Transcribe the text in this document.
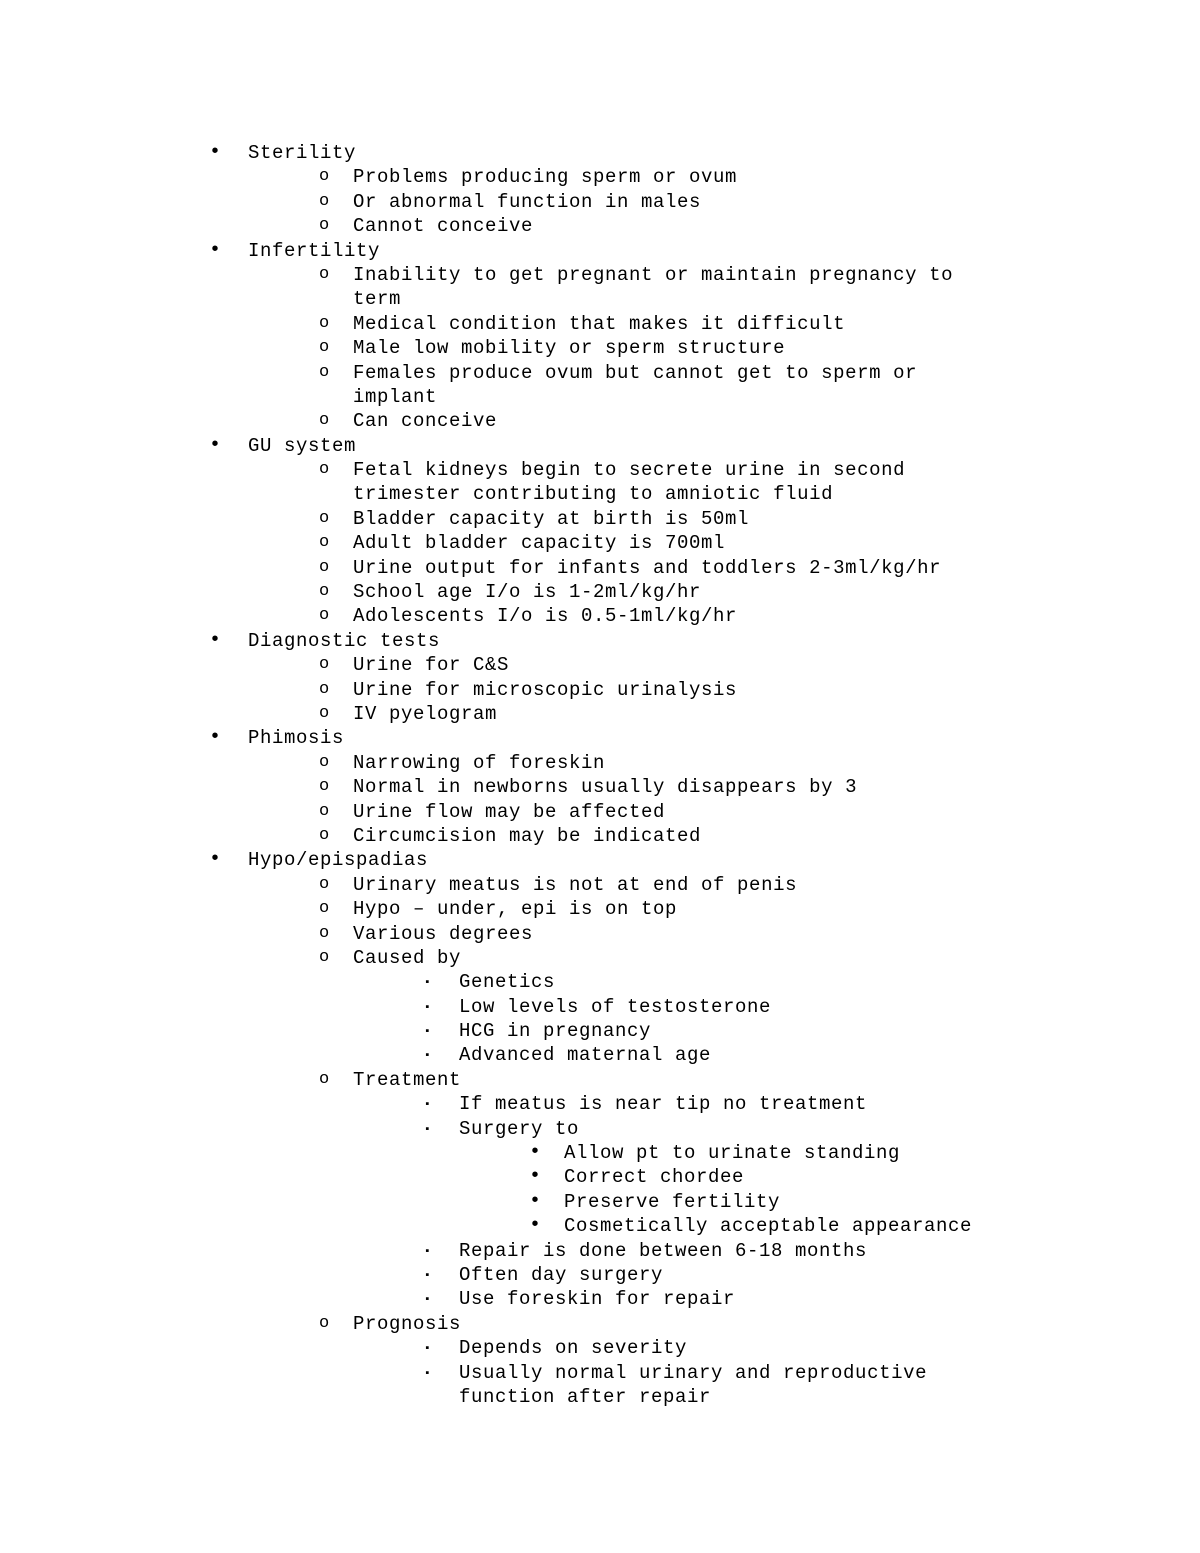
• Sterility
o Problems producing sperm or ovum
o Or abnormal function in males
o Cannot conceive
• Infertility
o Inability to get pregnant or maintain pregnancy to
term
o Medical condition that makes it difficult
o Male low mobility or sperm structure
o Females produce ovum but cannot get to sperm or
implant
o Can conceive
• GU system
o Fetal kidneys begin to secrete urine in second
trimester contributing to amniotic fluid
o Bladder capacity at birth is 50ml
o Adult bladder capacity is 700ml
o Urine output for infants and toddlers 2-3ml/kg/hr
o School age I/o is 1-2ml/kg/hr
o Adolescents I/o is 0.5-1ml/kg/hr
• Diagnostic tests
o Urine for C&S
o Urine for microscopic urinalysis
o IV pyelogram
• Phimosis
o Narrowing of foreskin
o Normal in newborns usually disappears by 3
o Urine flow may be affected
o Circumcision may be indicated
• Hypo/epispadias
o Urinary meatus is not at end of penis
o Hypo – under, epi is on top
o Various degrees
o Caused by
▪ Genetics
▪ Low levels of testosterone
▪ HCG in pregnancy
▪ Advanced maternal age
o Treatment
▪ If meatus is near tip no treatment
▪ Surgery to
• Allow pt to urinate standing
• Correct chordee
• Preserve fertility
• Cosmetically acceptable appearance
▪ Repair is done between 6-18 months
▪ Often day surgery
▪ Use foreskin for repair
o Prognosis
▪ Depends on severity
▪ Usually normal urinary and reproductive
function after repair
